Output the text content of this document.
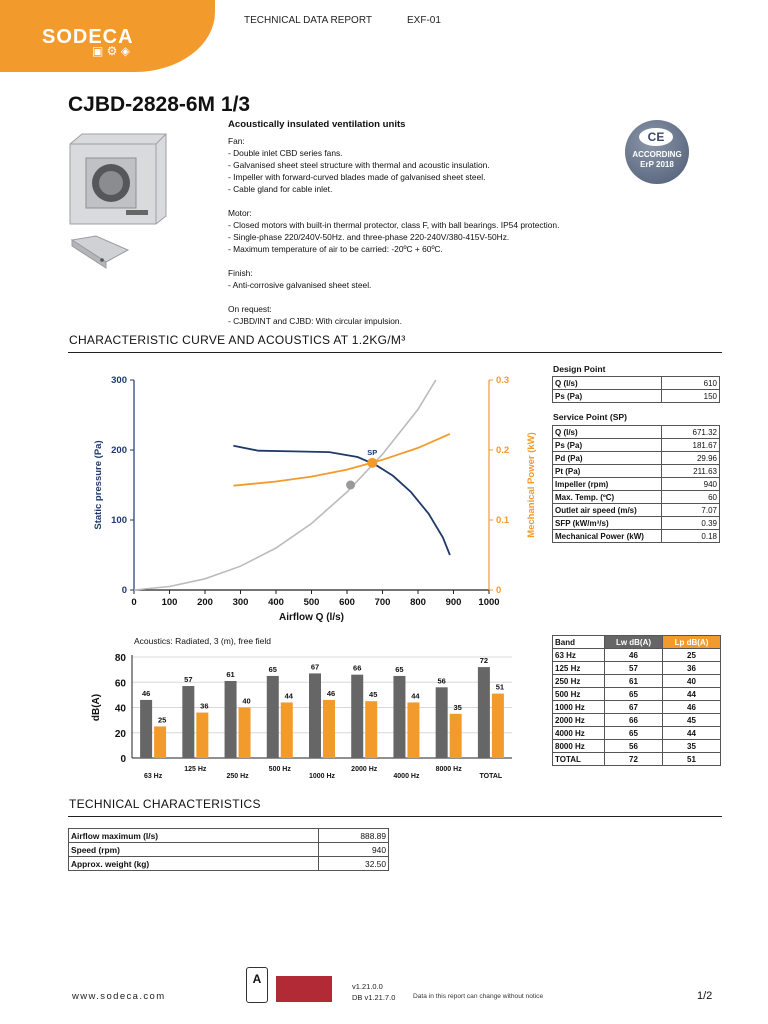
SODECA
▣ ⚙ ◈
TECHNICAL DATA REPORT	EXF-01
CJBD-2828-6M 1/3
Acoustically insulated ventilation units
Fan:
- Double inlet CBD series fans.
- Galvanised sheet steel structure with thermal and acoustic insulation.
- Impeller with forward-curved blades made of galvanised sheet steel.
- Cable gland for cable inlet.
Motor:
- Closed motors with built-in thermal protector, class F, with ball bearings. IP54 protection.
- Single-phase 220/240V-50Hz. and three-phase 220-240V/380-415V-50Hz.
- Maximum temperature of air to be carried: -20ºC + 60ºC.
Finish:
- Anti-corrosive galvanised sheet steel.
On request:
- CJBD/INT and CJBD: With circular impulsion.
CE
ACCORDING
ErP 2018
CHARACTERISTIC CURVE AND ACOUSTICS AT 1.2KG/M³
0	100 200 300 400 500 600 700 800 900 1000
0
100
200
300
0
0.1
0.2
0.3
Airflow Q (l/s)
Static pressure (Pa)	Mechanical Power (kW)
SP
Design Point
Q (l/s)	610
Ps (Pa)	150
Service Point (SP)
Q (l/s)	671.32
Ps (Pa)	181.67
Pd (Pa)	29.96
Pt (Pa)	211.63
Impeller (rpm)	940
Max. Temp. (ºC)	60
Outlet air speed (m/s)	7.07
SFP (kW/m³/s)	0.39
Mechanical Power (kW)	0.18
Acoustics: Radiated, 3 (m), free field
0
20
40
60
80
dB(A)
46
25
63 Hz
57
36
125 Hz
61
40
250 Hz
65
44
500 Hz
67
46
1000 Hz
66
45
2000 Hz
65
44
4000 Hz
56
35
8000 Hz
72
51
TOTAL
Band	Lw dB(A)	Lp dB(A)
63 Hz	46	25
125 Hz	57	36
250 Hz	61	40
500 Hz	65	44
1000 Hz	67	46
2000 Hz	66	45
4000 Hz	65	44
8000 Hz	56	35
TOTAL	72	51
TECHNICAL CHARACTERISTICS
Airflow maximum (l/s)	888.89
Speed (rpm)	940
Approx. weight (kg)	32.50
www.sodeca.com
A
v1.21.0.0
DB v1.21.7.0	Data in this report can change without notice	1/2
